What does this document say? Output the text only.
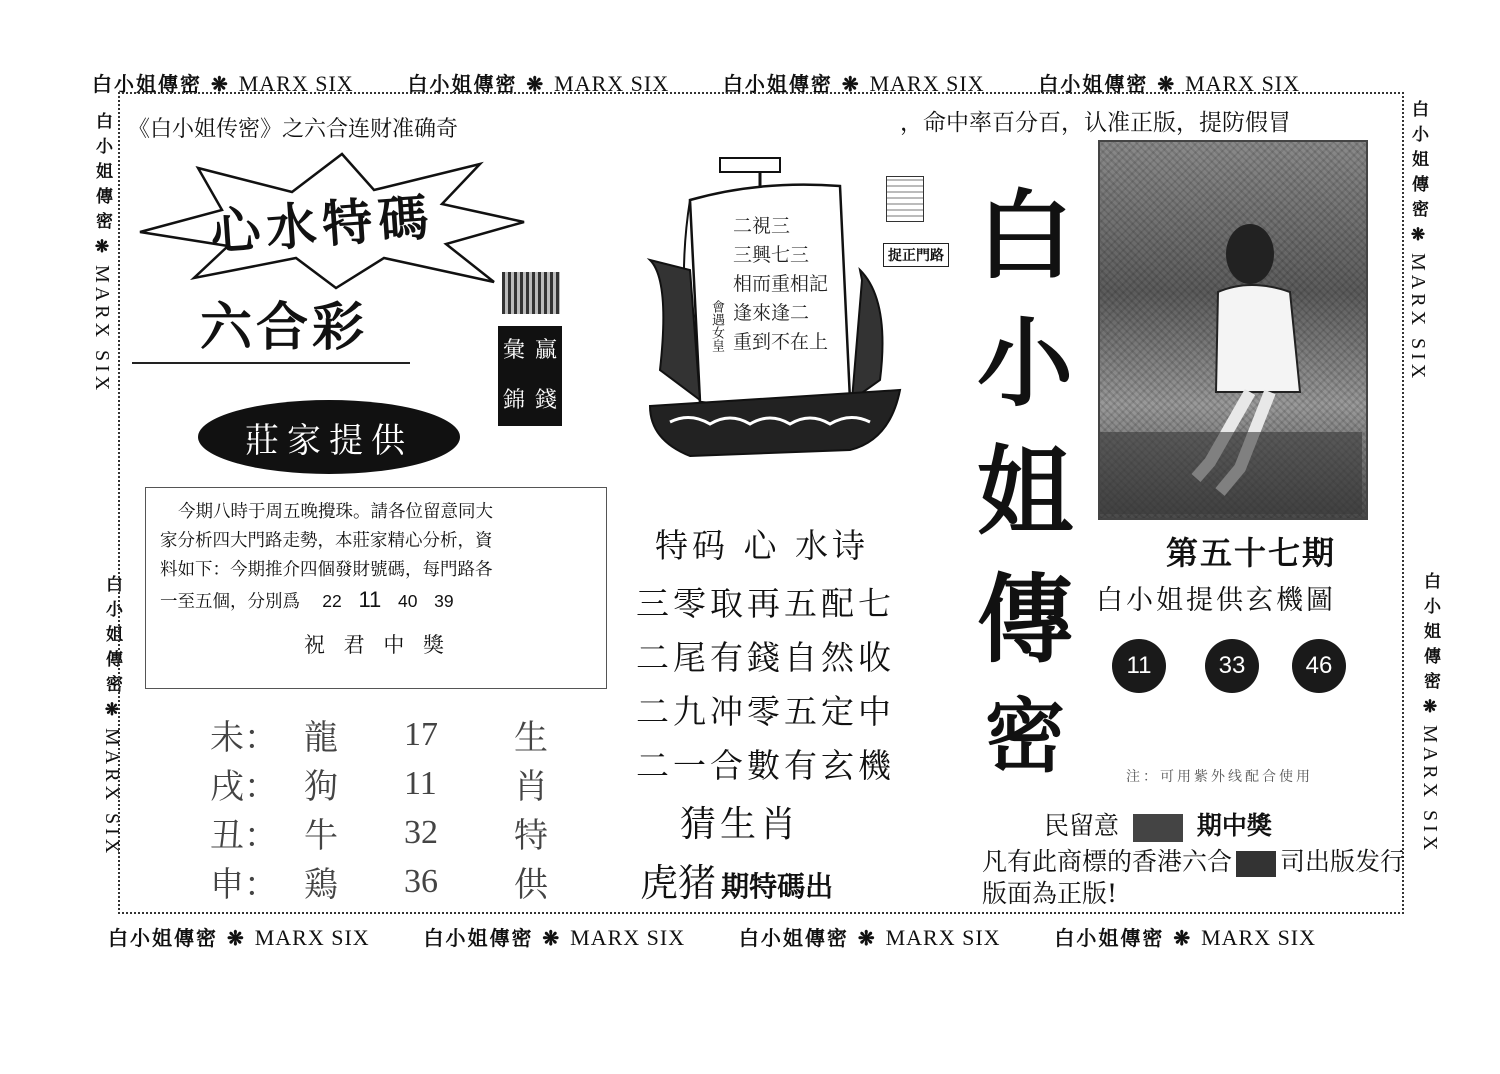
白小姐傳密 ❋ MARX SIX	白小姐傳密 ❋ MARX SIX	白小姐傳密 ❋ MARX SIX	白小姐傳密 ❋ MARX SIX
白小姐傳密 ❋ MARX SIX	白小姐傳密 ❋ MARX SIX	白小姐傳密 ❋ MARX SIX	白小姐傳密 ❋ MARX SIX
白小姐傳密❋MARX SIX
白小姐傳密❋MARX SIX
白小姐傳密❋MARX SIX
白小姐傳密❋MARX SIX
《白小姐传密》之六合连财准确奇	，命中率百分百，认准正版，提防假冒
心水特碼
六合彩	彙 贏
錦 錢
莊家提供

今期八時于周五晚攪珠。請各位留意同大

家分析四大門路走勢，本莊家精心分析，資

料如下：今期推介四個發財號碼，每門路各

一至五個，分別爲 22 11 40 39

祝 君 中 獎

未：	龍	17	生
戌：	狗	11	肖
丑：	牛	32	特
申：	鶏	36	供
二視三
三興七三
相而重相記
逢來逢二
重到不在上
會遇女皇
捉正門路
特码 心 水诗
三零取再五配七
二尾有錢自然收
二九冲零五定中
二一合數有玄機
猜生肖
虎猪 期特碼出
白
小
姐
傳
密
第五十七期
白小姐提供玄機圖
11	33	46
注：可用紫外线配合使用
民留意	期中獎
凡有此商標的香港六合 司出版发行
版面為正版!
